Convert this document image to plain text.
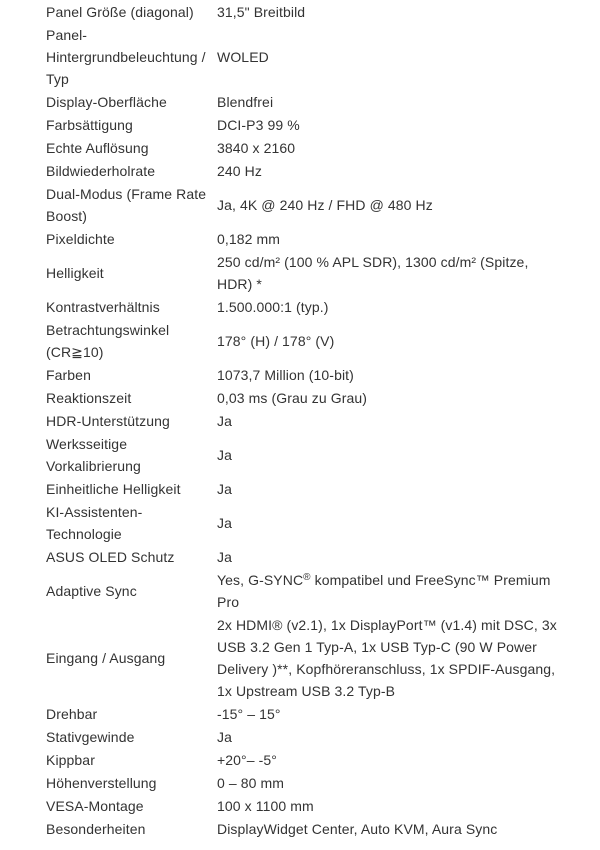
Panel Größe (diagonal)	31,5" Breitbild
Panel-Hintergrundbeleuchtung / Typ	WOLED
Display-Oberfläche	Blendfrei
Farbsättigung	DCI-P3 99 %
Echte Auflösung	3840 x 2160
Bildwiederholrate	240 Hz
Dual-Modus (Frame Rate Boost)	Ja, 4K @ 240 Hz / FHD @ 480 Hz
Pixeldichte	0,182 mm
Helligkeit	250 cd/m² (100 % APL SDR), 1300 cd/m² (Spitze, HDR) *
Kontrastverhältnis	1.500.000:1 (typ.)
Betrachtungswinkel (CR≧10)	178° (H) / 178° (V)
Farben	1073,7 Million (10-bit)
Reaktionszeit	0,03 ms (Grau zu Grau)
HDR-Unterstützung	Ja
Werksseitige Vorkalibrierung	Ja
Einheitliche Helligkeit	Ja
KI-Assistenten-Technologie	Ja
ASUS OLED Schutz	Ja
Adaptive Sync	Yes, G-SYNC® kompatibel und FreeSync™ Premium Pro
Eingang / Ausgang	2x HDMI® (v2.1), 1x DisplayPort™ (v1.4) mit DSC, 3x USB 3.2 Gen 1 Typ-A, 1x USB Typ-C (90 W Power Delivery )**, Kopfhöreranschluss, 1x SPDIF-Ausgang, 1x Upstream USB 3.2 Typ-B
Drehbar	-15° – 15°
Stativgewinde	Ja
Kippbar	+20°– -5°
Höhenverstellung	0 – 80 mm
VESA-Montage	100 x 1100 mm
Besonderheiten	DisplayWidget Center, Auto KVM, Aura Sync
